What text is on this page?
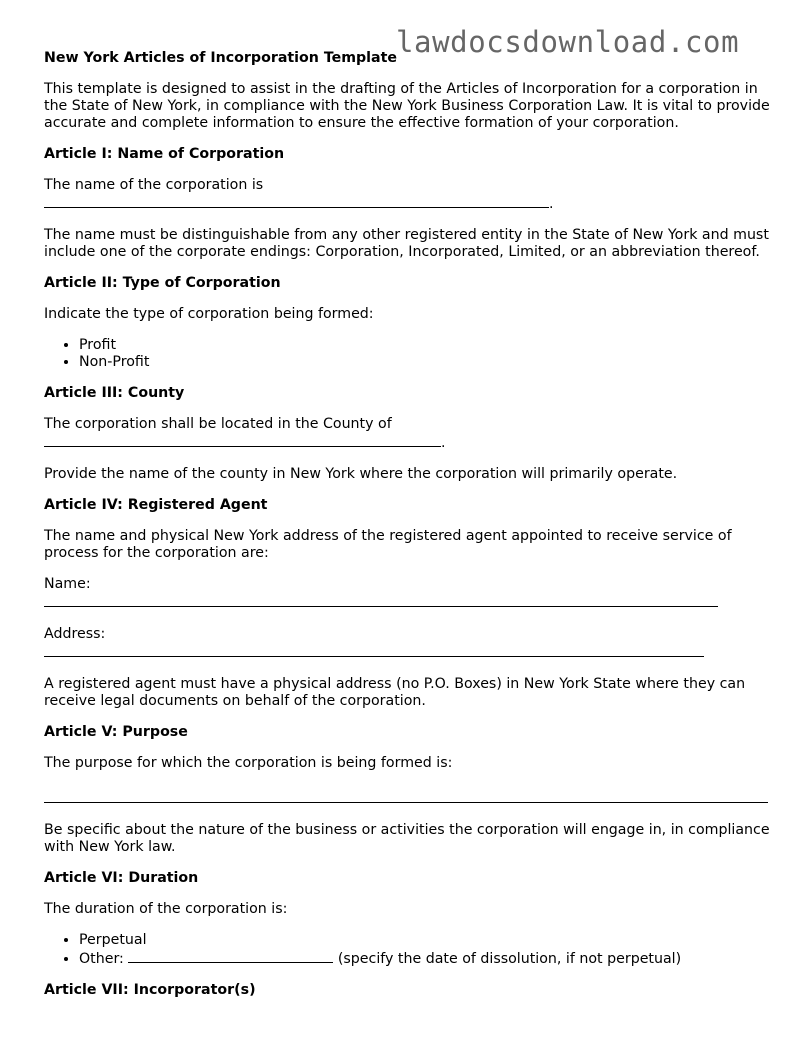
lawdocsdownload.com
New York Articles of Incorporation Template

This template is designed to assist in the drafting of the Articles of Incorporation for a corporation in the State of New York, in compliance with the New York Business Corporation Law. It is vital to provide accurate and complete information to ensure the effective formation of your corporation.

Article I: Name of Corporation

The name of the corporation is
.

The name must be distinguishable from any other registered entity in the State of New York and must include one of the corporate endings: Corporation, Incorporated, Limited, or an abbreviation thereof.

Article II: Type of Corporation

Indicate the type of corporation being formed:

• Profit
• Non-Profit
Article III: County

The corporation shall be located in the County of
.

Provide the name of the county in New York where the corporation will primarily operate.

Article IV: Registered Agent

The name and physical New York address of the registered agent appointed to receive service of process for the corporation are:

Name:

Address:

A registered agent must have a physical address (no P.O. Boxes) in New York State where they can receive legal documents on behalf of the corporation.

Article V: Purpose

The purpose for which the corporation is being formed is:

Be specific about the nature of the business or activities the corporation will engage in, in compliance with New York law.

Article VI: Duration

The duration of the corporation is:

• Perpetual
• Other:	(specify the date of dissolution, if not perpetual)
Article VII: Incorporator(s)
